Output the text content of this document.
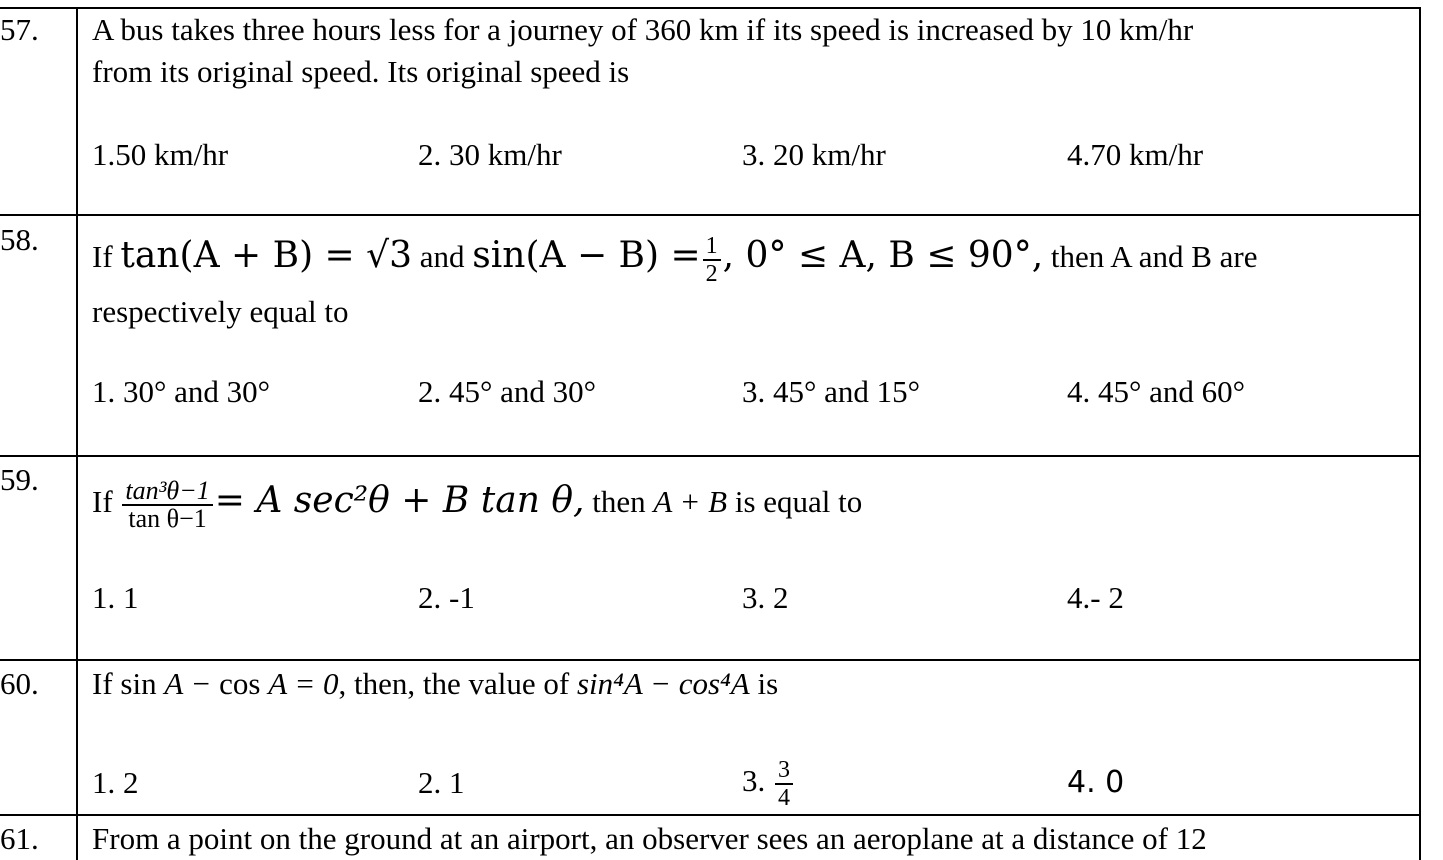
57. A bus takes three hours less for a journey of 360 km if its speed is increased by 10 km/hr
from its original speed. Its original speed is
1.50 km/hr	2. 30 km/hr	3. 20 km/hr	4.70 km/hr
58. If tan(A + B) = √3 and $\sin(A - B) = \frac{1}{2}$ , 0° ≤ A, B ≤ 90°, then A and B are
respectively equal to
1. 30° and 30°	2. 45° and 30°	3. 45° and 15°	4. 45° and 60°
59.
If $\frac{\text{tan³θ−1}}{\text{tan θ−1}} = A$ sec²θ + B tan θ, then A + B is equal to
1. 1	2. -1	3. 2	4.- 2
60. If sin A − cos A = 0, then, the value of sin⁴A − cos⁴A is
1. 2	2. 1	3. $\frac{3}{4}$	4. 0
61. From a point on the ground at an airport, an observer sees an aeroplane at a distance of 12
